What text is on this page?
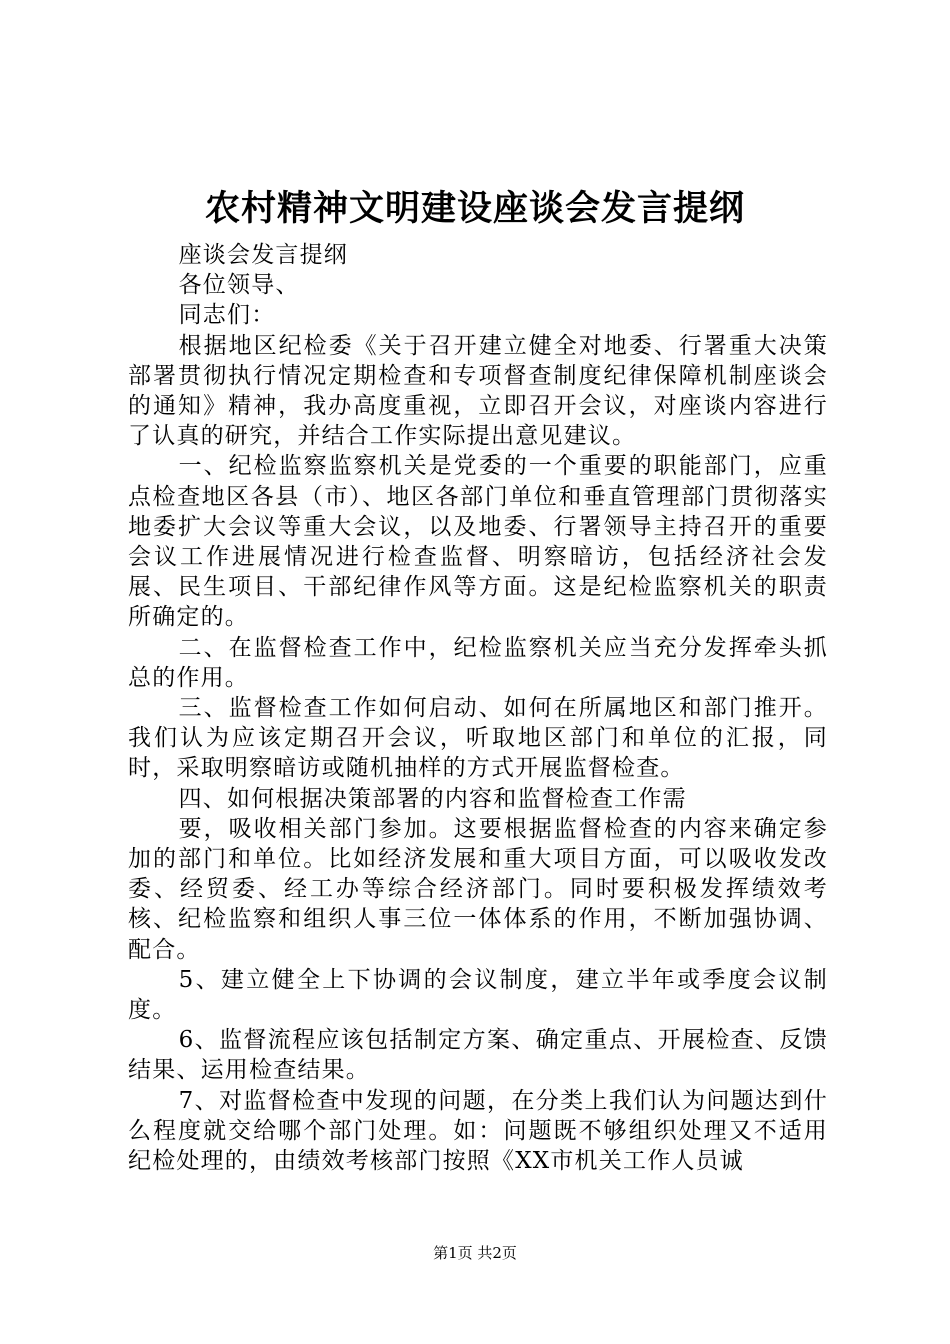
农村精神文明建设座谈会发言提纲

座谈会发言提纲

各位领导、

同志们：

根据地区纪检委《关于召开建立健全对地委、行署重大决策部署贯彻执行情况定期检查和专项督查制度纪律保障机制座谈会的通知》精神，我办高度重视，立即召开会议，对座谈内容进行了认真的研究，并结合工作实际提出意见建议。

一、纪检监察监察机关是党委的一个重要的职能部门，应重点检查地区各县（市）、地区各部门单位和垂直管理部门贯彻落实地委扩大会议等重大会议，以及地委、行署领导主持召开的重要会议工作进展情况进行检查监督、明察暗访，包括经济社会发展、民生项目、干部纪律作风等方面。这是纪检监察机关的职责所确定的。

二、在监督检查工作中，纪检监察机关应当充分发挥牵头抓总的作用。

三、监督检查工作如何启动、如何在所属地区和部门推开。我们认为应该定期召开会议，听取地区部门和单位的汇报，同时，采取明察暗访或随机抽样的方式开展监督检查。

四、如何根据决策部署的内容和监督检查工作需

要，吸收相关部门参加。这要根据监督检查的内容来确定参加的部门和单位。比如经济发展和重大项目方面，可以吸收发改委、经贸委、经工办等综合经济部门。同时要积极发挥绩效考核、纪检监察和组织人事三位一体体系的作用，不断加强协调、配合。

5、建立健全上下协调的会议制度，建立半年或季度会议制度。

6、监督流程应该包括制定方案、确定重点、开展检查、反馈结果、运用检查结果。

7、对监督检查中发现的问题，在分类上我们认为问题达到什么程度就交给哪个部门处理。如：问题既不够组织处理又不适用纪检处理的，由绩效考核部门按照《XX市机关工作人员诚

第1页 共2页
